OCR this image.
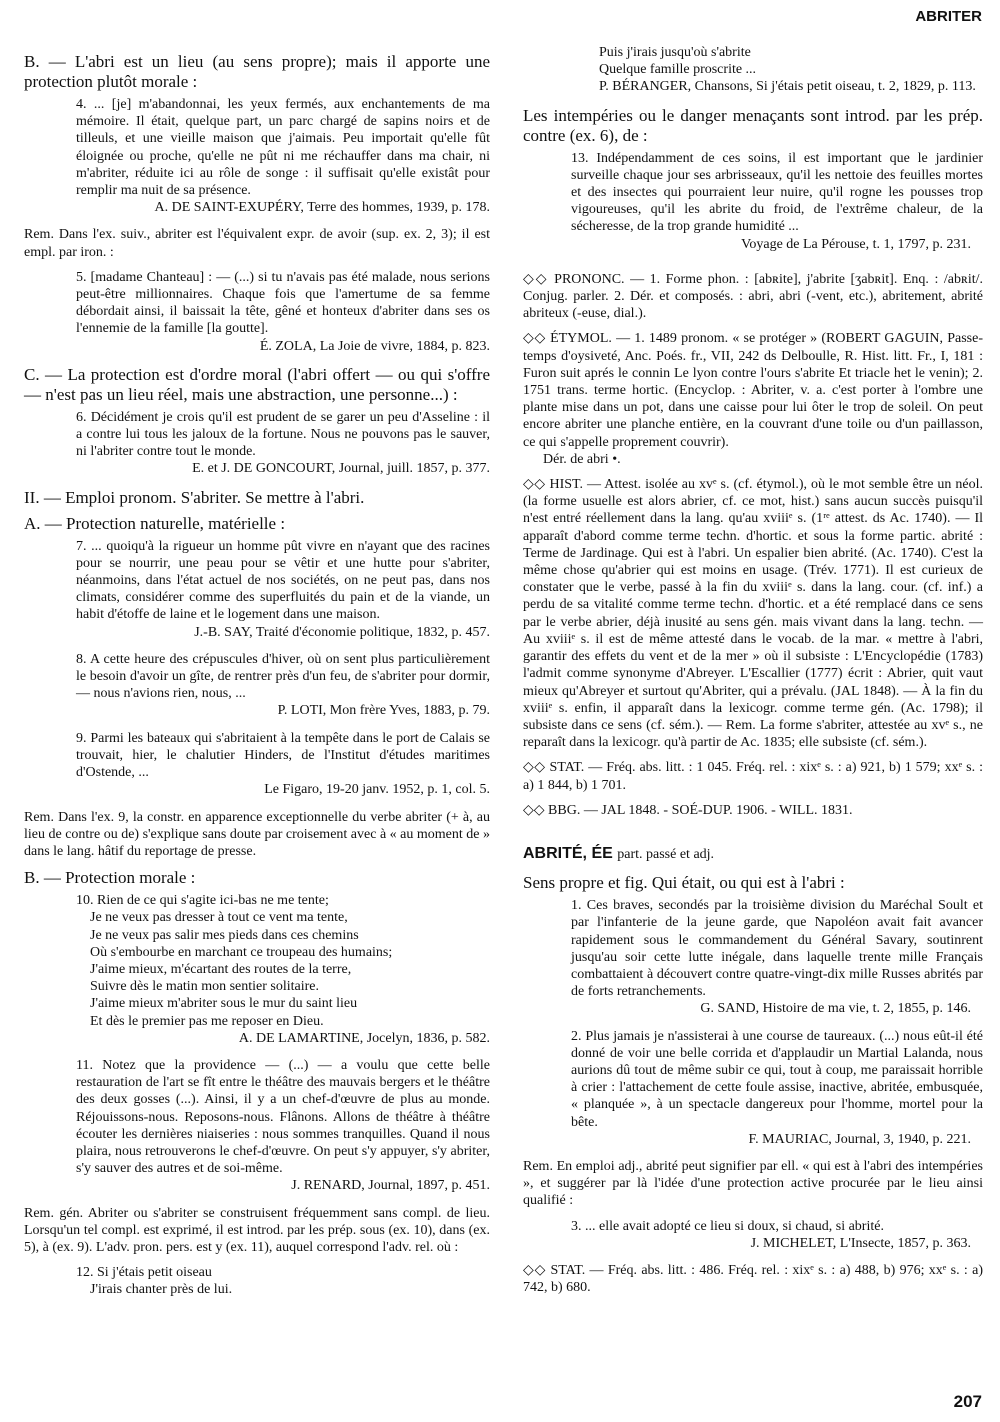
ABRITER

B. — L'abri est un lieu (au sens propre); mais il apporte une protection plutôt morale :

4. ... [je] m'abandonnai, les yeux fermés, aux enchantements de ma mémoire. Il était, quelque part, un parc chargé de sapins noirs et de tilleuls, et une vieille maison que j'aimais. Peu importait qu'elle fût éloignée ou proche, qu'elle ne pût ni me réchauffer dans ma chair, ni m'abriter, réduite ici au rôle de songe : il suffisait qu'elle existât pour remplir ma nuit de sa présence.

A. DE SAINT-EXUPÉRY, Terre des hommes, 1939, p. 178.

Rem. Dans l'ex. suiv., abriter est l'équivalent expr. de avoir (sup. ex. 2, 3); il est empl. par iron. :

5. [madame Chanteau] : — (...) si tu n'avais pas été malade, nous serions peut-être millionnaires. Chaque fois que l'amertume de sa femme débordait ainsi, il baissait la tête, gêné et honteux d'abriter dans ses os l'ennemie de la famille [la goutte].

É. ZOLA, La Joie de vivre, 1884, p. 823.

C. — La protection est d'ordre moral (l'abri offert — ou qui s'offre — n'est pas un lieu réel, mais une abstraction, une personne...) :

6. Décidément je crois qu'il est prudent de se garer un peu d'Asseline : il a contre lui tous les jaloux de la fortune. Nous ne pouvons pas le sauver, ni l'abriter contre tout le monde.

E. et J. DE GONCOURT, Journal, juill. 1857, p. 377.

II. — Emploi pronom. S'abriter. Se mettre à l'abri.

A. — Protection naturelle, matérielle :

7. ... quoiqu'à la rigueur un homme pût vivre en n'ayant que des racines pour se nourrir, une peau pour se vêtir et une hutte pour s'abriter, néanmoins, dans l'état actuel de nos sociétés, on ne peut pas, dans nos climats, considérer comme des superfluités du pain et de la viande, un habit d'étoffe de laine et le logement dans une maison.

J.-B. SAY, Traité d'économie politique, 1832, p. 457.

8. A cette heure des crépuscules d'hiver, où on sent plus particulièrement le besoin d'avoir un gîte, de rentrer près d'un feu, de s'abriter pour dormir, — nous n'avions rien, nous, ...

P. LOTI, Mon frère Yves, 1883, p. 79.

9. Parmi les bateaux qui s'abritaient à la tempête dans le port de Calais se trouvait, hier, le chalutier Hinders, de l'Institut d'études maritimes d'Ostende, ...

Le Figaro, 19-20 janv. 1952, p. 1, col. 5.

Rem. Dans l'ex. 9, la constr. en apparence exceptionnelle du verbe abriter (+ à, au lieu de contre ou de) s'explique sans doute par croisement avec à « au moment de » dans le lang. hâtif du reportage de presse.

B. — Protection morale :

10. Rien de ce qui s'agite ici-bas ne me tente;
Je ne veux pas dresser à tout ce vent ma tente,
Je ne veux pas salir mes pieds dans ces chemins
Où s'embourbe en marchant ce troupeau des humains;
J'aime mieux, m'écartant des routes de la terre,
Suivre dès le matin mon sentier solitaire.
J'aime mieux m'abriter sous le mur du saint lieu
Et dès le premier pas me reposer en Dieu.

A. DE LAMARTINE, Jocelyn, 1836, p. 582.

11. Notez que la providence — (...) — a voulu que cette belle restauration de l'art se fît entre le théâtre des mauvais bergers et le théâtre des deux gosses (...). Ainsi, il y a un chef-d'œuvre de plus au monde. Réjouissons-nous. Reposons-nous. Flânons. Allons de théâtre à théâtre écouter les dernières niaiseries : nous sommes tranquilles. Quand il nous plaira, nous retrouverons le chef-d'œuvre. On peut s'y appuyer, s'y abriter, s'y sauver des autres et de soi-même.

J. RENARD, Journal, 1897, p. 451.

Rem. gén. Abriter ou s'abriter se construisent fréquemment sans compl. de lieu. Lorsqu'un tel compl. est exprimé, il est introd. par les prép. sous (ex. 10), dans (ex. 5), à (ex. 9). L'adv. pron. pers. est y (ex. 11), auquel correspond l'adv. rel. où :

12. Si j'étais petit oiseau
J'irais chanter près de lui.
Puis j'irais jusqu'où s'abrite
Quelque famille proscrite ...

P. BÉRANGER, Chansons, Si j'étais petit oiseau, t. 2, 1829, p. 113.

Les intempéries ou le danger menaçants sont introd. par les prép. contre (ex. 6), de :

13. Indépendamment de ces soins, il est important que le jardinier surveille chaque jour ses arbrisseaux, qu'il les nettoie des feuilles mortes et des insectes qui pourraient leur nuire, qu'il rogne les pousses trop vigoureuses, qu'il les abrite du froid, de l'extrême chaleur, de la sécheresse, de la trop grande humidité ...

Voyage de La Pérouse, t. 1, 1797, p. 231.

◇◇ PRONONC. — 1. Forme phon. : [abʀite], j'abrite [ʒabʀit]. Enq. : /abʀit/. Conjug. parler. 2. Dér. et composés. : abri, abri (-vent, etc.), abritement, abrité abriteux (-euse, dial.).

◇◇ ÉTYMOL. — 1. 1489 pronom. « se protéger » (ROBERT GAGUIN, Passe-temps d'oysiveté, Anc. Poés. fr., VII, 242 ds Delboulle, R. Hist. litt. Fr., I, 181 : Furon suit aprés le connin Le lyon contre l'ours s'abrite Et triacle het le venin); 2. 1751 trans. terme hortic. (Encyclop. : Abriter, v. a. c'est porter à l'ombre une plante mise dans un pot, dans une caisse pour lui ôter le trop de soleil. On peut encore abriter une planche entière, en la couvrant d'une toile ou d'un paillasson, ce qui s'appelle proprement couvrir).

Dér. de abri •.

◇◇ HIST. — Attest. isolée au xvᵉ s. (cf. étymol.), où le mot semble être un néol. (la forme usuelle est alors abrier, cf. ce mot, hist.) sans aucun succès puisqu'il n'est entré réellement dans la lang. qu'au xviiiᵉ s. (1ʳᵉ attest. ds Ac. 1740). — Il apparaît d'abord comme terme techn. d'hortic. et sous la forme partic. abrité : Terme de Jardinage. Qui est à l'abri. Un espalier bien abrité. (Ac. 1740). C'est la même chose qu'abrier qui est moins en usage. (Trév. 1771). Il est curieux de constater que le verbe, passé à la fin du xviiiᵉ s. dans la lang. cour. (cf. inf.) a perdu de sa vitalité comme terme techn. d'hortic. et a été remplacé dans ce sens par le verbe abrier, déjà inusité au sens gén. mais vivant dans la lang. techn. — Au xviiiᵉ s. il est de même attesté dans le vocab. de la mar. « mettre à l'abri, garantir des effets du vent et de la mer » où il subsiste : L'Encyclopédie (1783) l'admit comme synonyme d'Abreyer. L'Escallier (1777) écrit : Abrier, quit vaut mieux qu'Abreyer et surtout qu'Abriter, qui a prévalu. (JAL 1848). — À la fin du xviiiᵉ s. enfin, il apparaît dans la lexicogr. comme terme gén. (Ac. 1798); il subsiste dans ce sens (cf. sém.). — Rem. La forme s'abriter, attestée au xvᵉ s., ne reparaît dans la lexicogr. qu'à partir de Ac. 1835; elle subsiste (cf. sém.).

◇◇ STAT. — Fréq. abs. litt. : 1 045. Fréq. rel. : xixᵉ s. : a) 921, b) 1 579; xxᵉ s. : a) 1 844, b) 1 701.

◇◇ BBG. — JAL 1848. - SOÉ-DUP. 1906. - WILL. 1831.

ABRITÉ, ÉE part. passé et adj.

Sens propre et fig. Qui était, ou qui est à l'abri :

1. Ces braves, secondés par la troisième division du Maréchal Soult et par l'infanterie de la jeune garde, que Napoléon avait fait avancer rapidement sous le commandement du Général Savary, soutinrent jusqu'au soir cette lutte inégale, dans laquelle trente mille Français combattaient à découvert contre quatre-vingt-dix mille Russes abrités par de forts retranchements.

G. SAND, Histoire de ma vie, t. 2, 1855, p. 146.

2. Plus jamais je n'assisterai à une course de taureaux. (...) nous eût-il été donné de voir une belle corrida et d'applaudir un Martial Lalanda, nous aurions dû tout de même subir ce qui, tout à coup, me paraissait horrible à crier : l'attachement de cette foule assise, inactive, abritée, embusquée, « planquée », à un spectacle dangereux pour l'homme, mortel pour la bête.

F. MAURIAC, Journal, 3, 1940, p. 221.

Rem. En emploi adj., abrité peut signifier par ell. « qui est à l'abri des intempéries », et suggérer par là l'idée d'une protection active procurée par le lieu ainsi qualifié :

3. ... elle avait adopté ce lieu si doux, si chaud, si abrité.

J. MICHELET, L'Insecte, 1857, p. 363.

◇◇ STAT. — Fréq. abs. litt. : 486. Fréq. rel. : xixᵉ s. : a) 488, b) 976; xxᵉ s. : a) 742, b) 680.

207
